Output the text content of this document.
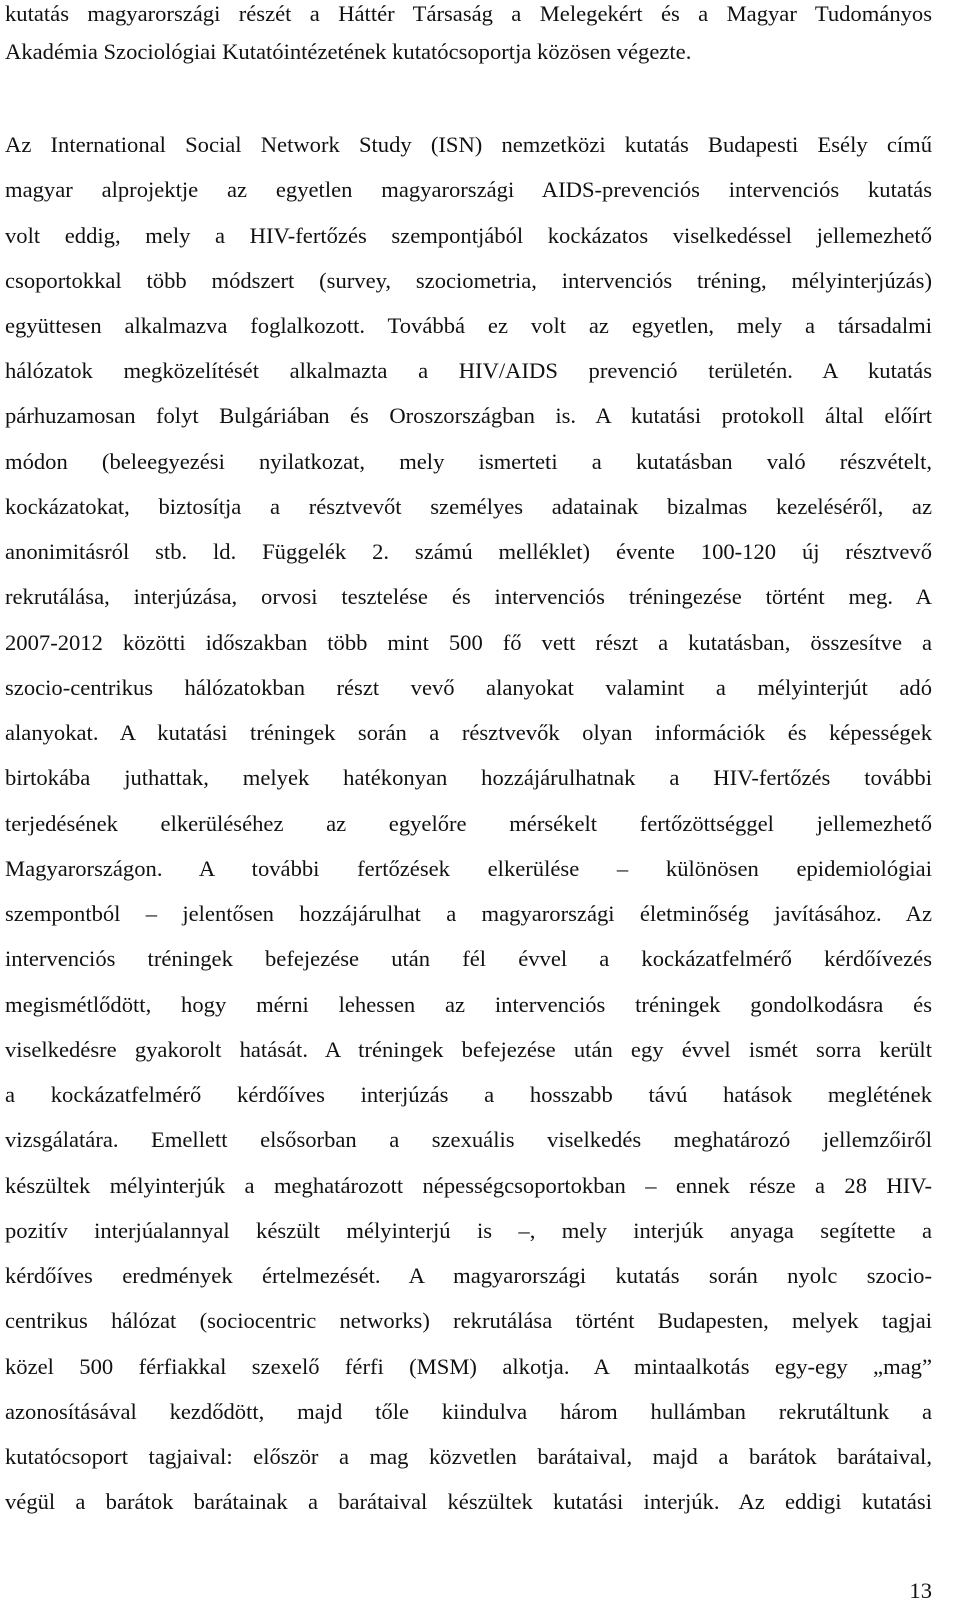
kutatás magyarországi részét a Háttér Társaság a Melegekért és a Magyar Tudományos
Akadémia Szociológiai Kutatóintézetének kutatócsoportja közösen végezte.
Az International Social Network Study (ISN) nemzetközi kutatás Budapesti Esély című
magyar alprojektje az egyetlen magyarországi AIDS-prevenciós intervenciós kutatás
volt eddig, mely a HIV-fertőzés szempontjából kockázatos viselkedéssel jellemezhető
csoportokkal több módszert (survey, szociometria, intervenciós tréning, mélyinterjúzás)
együttesen alkalmazva foglalkozott. Továbbá ez volt az egyetlen, mely a társadalmi
hálózatok megközelítését alkalmazta a HIV/AIDS prevenció területén. A kutatás
párhuzamosan folyt Bulgáriában és Oroszországban is. A kutatási protokoll által előírt
módon (beleegyezési nyilatkozat, mely ismerteti a kutatásban való részvételt,
kockázatokat, biztosítja a résztvevőt személyes adatainak bizalmas kezeléséről, az
anonimitásról stb. ld. Függelék 2. számú melléklet) évente 100-120 új résztvevő
rekrutálása, interjúzása, orvosi tesztelése és intervenciós tréningezése történt meg. A
2007-2012 közötti időszakban több mint 500 fő vett részt a kutatásban, összesítve a
szocio-centrikus hálózatokban részt vevő alanyokat valamint a mélyinterjút adó
alanyokat. A kutatási tréningek során a résztvevők olyan információk és képességek
birtokába juthattak, melyek hatékonyan hozzájárulhatnak a HIV-fertőzés további
terjedésének elkerüléséhez az egyelőre mérsékelt fertőzöttséggel jellemezhető
Magyarországon. A további fertőzések elkerülése – különösen epidemiológiai
szempontból – jelentősen hozzájárulhat a magyarországi életminőség javításához. Az
intervenciós tréningek befejezése után fél évvel a kockázatfelmérő kérdőívezés
megismétlődött, hogy mérni lehessen az intervenciós tréningek gondolkodásra és
viselkedésre gyakorolt hatását. A tréningek befejezése után egy évvel ismét sorra került
a kockázatfelmérő kérdőíves interjúzás a hosszabb távú hatások meglétének
vizsgálatára. Emellett elsősorban a szexuális viselkedés meghatározó jellemzőiről
készültek mélyinterjúk a meghatározott népességcsoportokban – ennek része a 28 HIV-
pozitív interjúalannyal készült mélyinterjú is –, mely interjúk anyaga segítette a
kérdőíves eredmények értelmezését. A magyarországi kutatás során nyolc szocio-
centrikus hálózat (sociocentric networks) rekrutálása történt Budapesten, melyek tagjai
közel 500 férfiakkal szexelő férfi (MSM) alkotja. A mintaalkotás egy-egy „mag”
azonosításával kezdődött, majd tőle kiindulva három hullámban rekrutáltunk a
kutatócsoport tagjaival: először a mag közvetlen barátaival, majd a barátok barátaival,
végül a barátok barátainak a barátaival készültek kutatási interjúk. Az eddigi kutatási
13
